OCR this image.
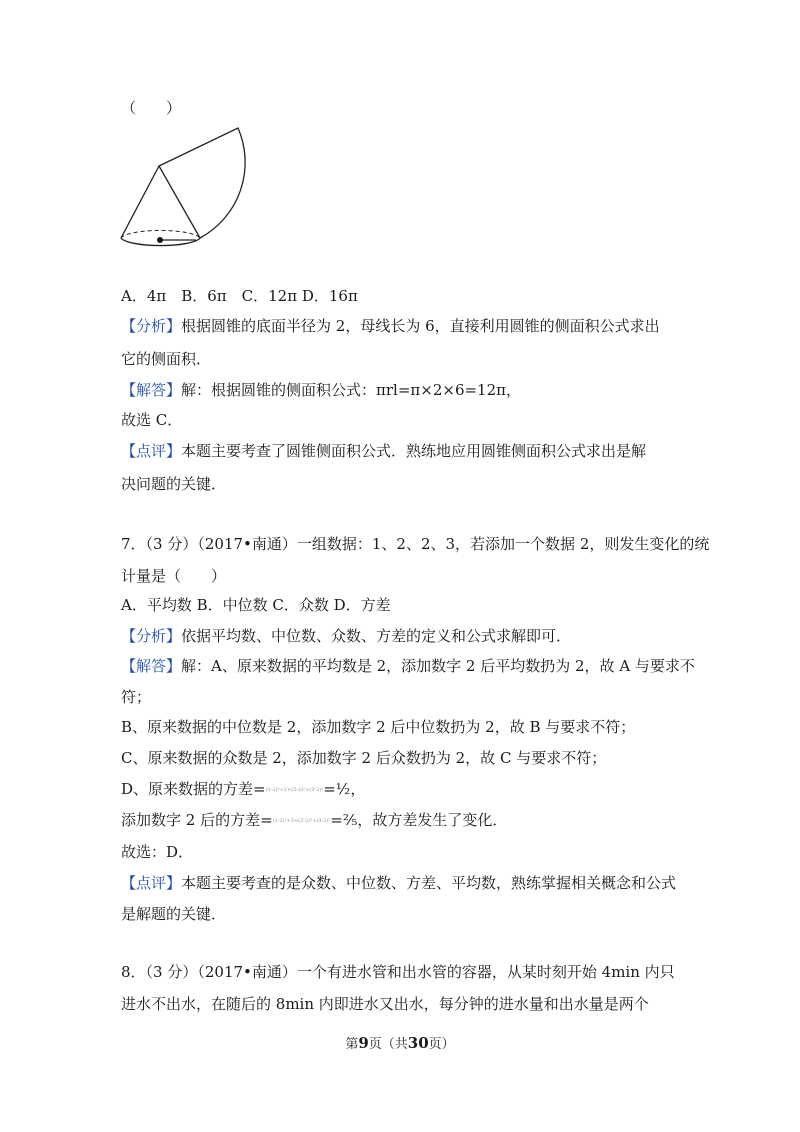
（　　）
A．4π　B．6π　C．12π D．16π
【分析】根据圆锥的底面半径为 2，母线长为 6，直接利用圆锥的侧面积公式求出
它的侧面积．
【解答】解：根据圆锥的侧面积公式：πrl=π×2×6=12π，
故选 C．
【点评】本题主要考查了圆锥侧面积公式．熟练地应用圆锥侧面积公式求出是解
决问题的关键．
7．（3 分）（2017•南通）一组数据：1、2、2、3，若添加一个数据 2，则发生变化的统
计量是（　　）
A．平均数 B．中位数 C．众数 D．方差
【分析】依据平均数、中位数、众数、方差的定义和公式求解即可．
【解答】解：A、原来数据的平均数是 2，添加数字 2 后平均数扔为 2，故 A 与要求不
符；
B、原来数据的中位数是 2，添加数字 2 后中位数扔为 2，故 B 与要求不符；
C、原来数据的众数是 2，添加数字 2 后众数扔为 2，故 C 与要求不符；
D、原来数据的方差=$^{(1-2)^2+2\times(2-2)^2+(3-2)^2}$=½，
添加数字 2 后的方差=$^{(1-2)^2+3\times(2-2)^2+(3-2)^2}$=⅖，故方差发生了变化．
故选：D．
【点评】本题主要考查的是众数、中位数、方差、平均数，熟练掌握相关概念和公式
是解题的关键．
8．（3 分）（2017•南通）一个有进水管和出水管的容器，从某时刻开始 4min 内只
进水不出水，在随后的 8min 内即进水又出水，每分钟的进水量和出水量是两个
第9页（共30页）
